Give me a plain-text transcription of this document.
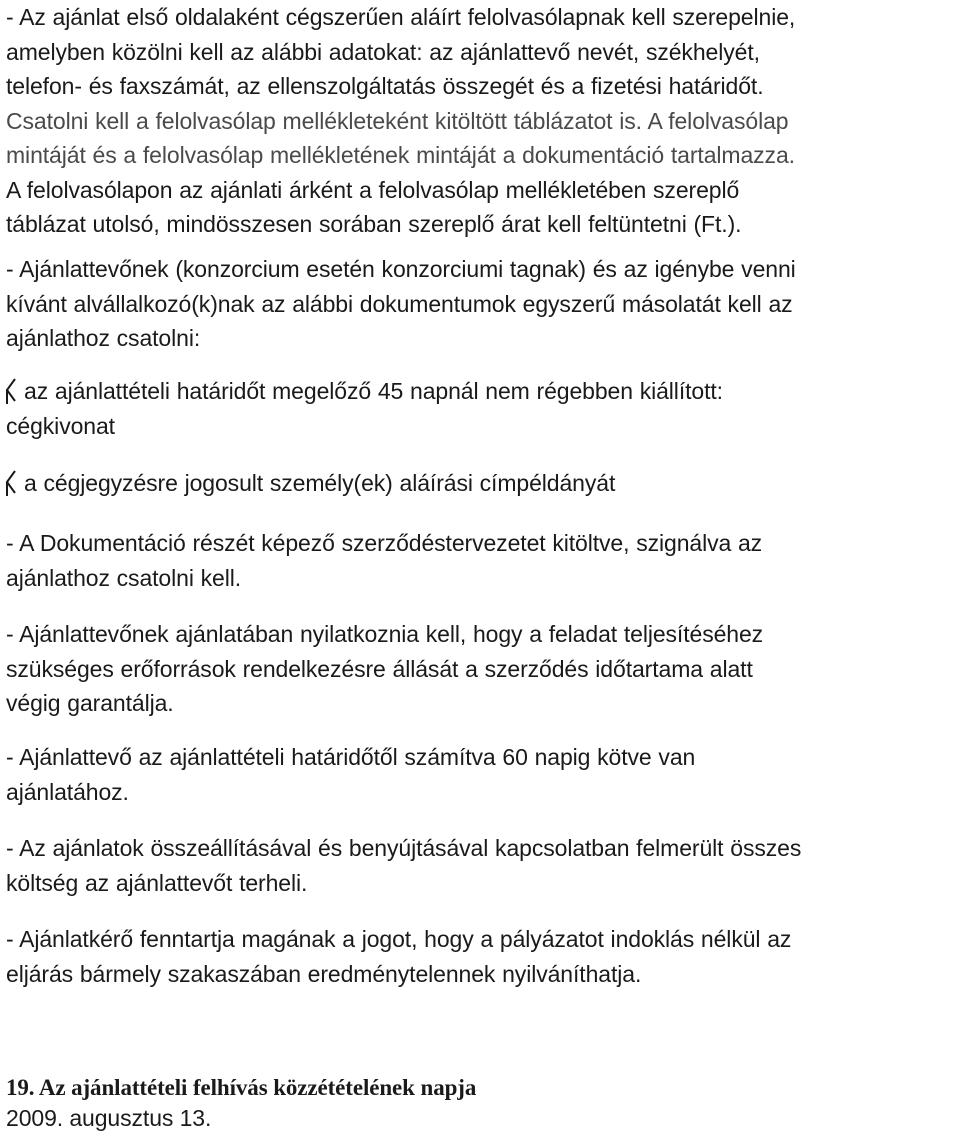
- Az ajánlat első oldalaként cégszerűen aláírt felolvasólapnak kell szerepelnie,

amelyben közölni kell az alábbi adatokat: az ajánlattevő nevét, székhelyét,

telefon- és faxszámát, az ellenszolgáltatás összegét és a fizetési határidőt.

Csatolni kell a felolvasólap mellékleteként kitöltött táblázatot is. A felolvasólap

mintáját és a felolvasólap mellékletének mintáját a dokumentáció tartalmazza.

A felolvasólapon az ajánlati árként a felolvasólap mellékletében szereplő

táblázat utolsó, mindösszesen sorában szereplő árat kell feltüntetni (Ft.).

- Ajánlattevőnek (konzorcium esetén konzorciumi tagnak) és az igénybe venni

kívánt alvállalkozó(k)nak az alábbi dokumentumok egyszerű másolatát kell az

ajánlathoz csatolni:

az ajánlattételi határidőt megelőző 45 napnál nem régebben kiállított:

cégkivonat

a cégjegyzésre jogosult személy(ek) aláírási címpéldányát

- A Dokumentáció részét képező szerződéstervezetet kitöltve, szignálva az

ajánlathoz csatolni kell.

- Ajánlattevőnek ajánlatában nyilatkoznia kell, hogy a feladat teljesítéséhez

szükséges erőforrások rendelkezésre állását a szerződés időtartama alatt

végig garantálja.

- Ajánlattevő az ajánlattételi határidőtől számítva 60 napig kötve van

ajánlatához.

- Az ajánlatok összeállításával és benyújtásával kapcsolatban felmerült összes

költség az ajánlattevőt terheli.

- Ajánlatkérő fenntartja magának a jogot, hogy a pályázatot indoklás nélkül az

eljárás bármely szakaszában eredménytelennek nyilváníthatja.

19. Az ajánlattételi felhívás közzétételének napja

2009. augusztus 13.
